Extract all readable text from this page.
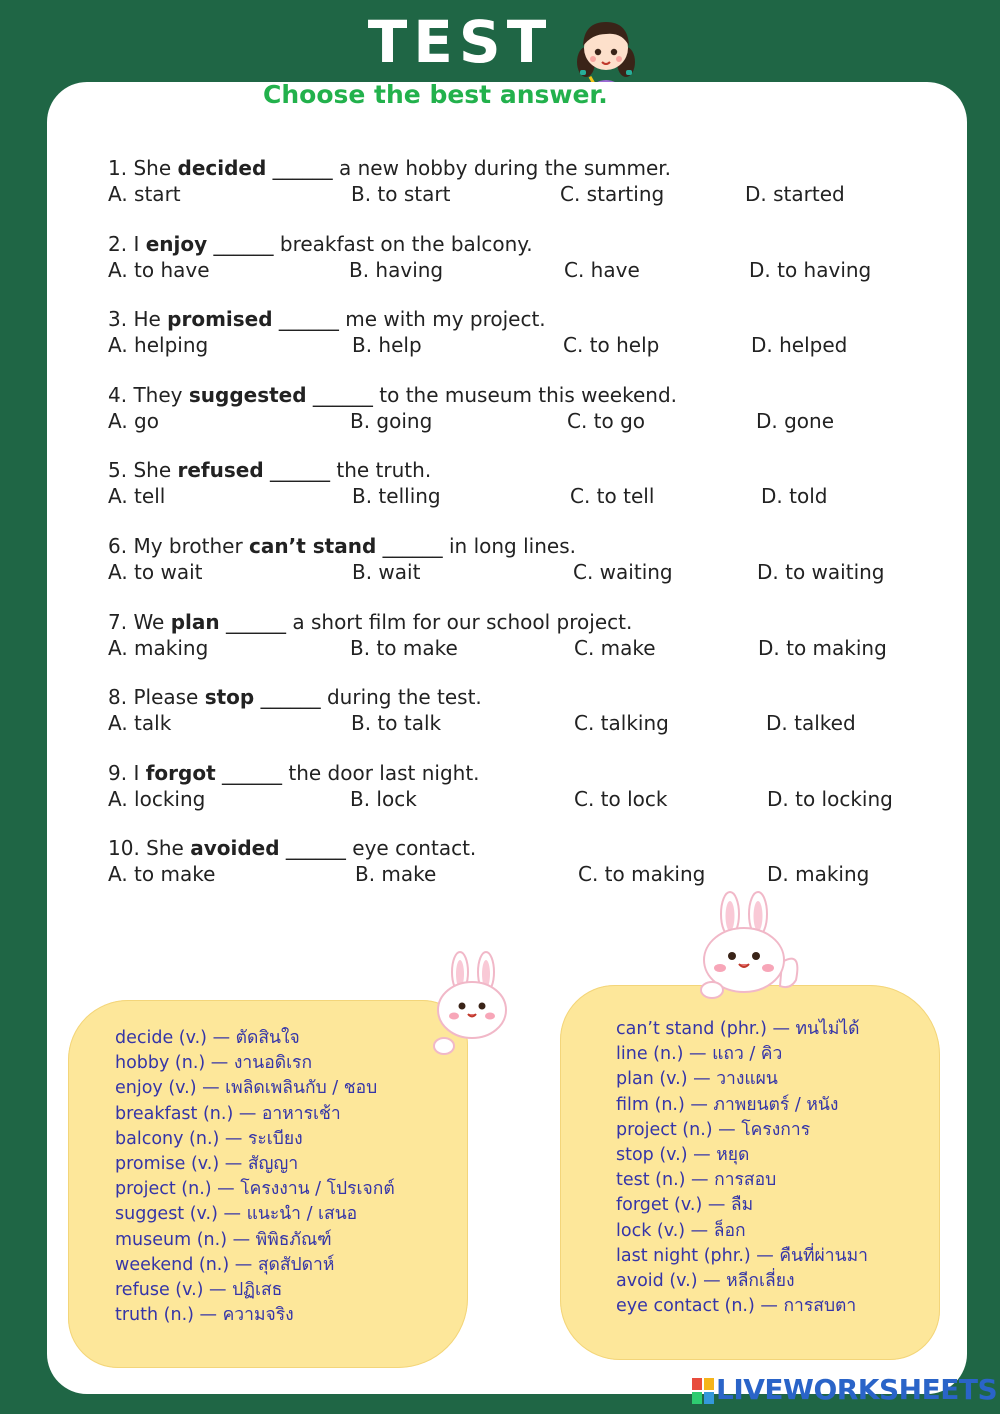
TEST
Choose the best answer.
1. She decided ______ a new hobby during the summer.
A. start	B. to start	C. starting	D. started
2. I enjoy ______ breakfast on the balcony.
A. to have	B. having	C. have	D. to having
3. He promised ______ me with my project.
A. helping	B. help	C. to help	D. helped
4. They suggested ______ to the museum this weekend.
A. go	B. going	C. to go	D. gone
5. She refused ______ the truth.
A. tell	B. telling	C. to tell	D. told
6. My brother can’t stand ______ in long lines.
A. to wait	B. wait	C. waiting	D. to waiting
7. We plan ______ a short film for our school project.
A. making	B. to make	C. make	D. to making
8. Please stop ______ during the test.
A. talk	B. to talk	C. talking	D. talked
9. I forgot ______ the door last night.
A. locking	B. lock	C. to lock	D. to locking
10. She avoided ______ eye contact.
A. to make	B. make	C. to making	D. making
decide (v.) — ตัดสินใจ
hobby (n.) — งานอดิเรก
enjoy (v.) — เพลิดเพลินกับ / ชอบ
breakfast (n.) — อาหารเช้า
balcony (n.) — ระเบียง
promise (v.) — สัญญา
project (n.) — โครงงาน / โปรเจกต์
suggest (v.) — แนะนำ / เสนอ
museum (n.) — พิพิธภัณฑ์
weekend (n.) — สุดสัปดาห์
refuse (v.) — ปฏิเสธ
truth (n.) — ความจริง
can’t stand (phr.) — ทนไม่ได้
line (n.) — แถว / คิว
plan (v.) — วางแผน
film (n.) — ภาพยนตร์ / หนัง
project (n.) — โครงการ
stop (v.) — หยุด
test (n.) — การสอบ
forget (v.) — ลืม
lock (v.) — ล็อก
last night (phr.) — คืนที่ผ่านมา
avoid (v.) — หลีกเลี่ยง
eye contact (n.) — การสบตา
LIVEWORKSHEETS
